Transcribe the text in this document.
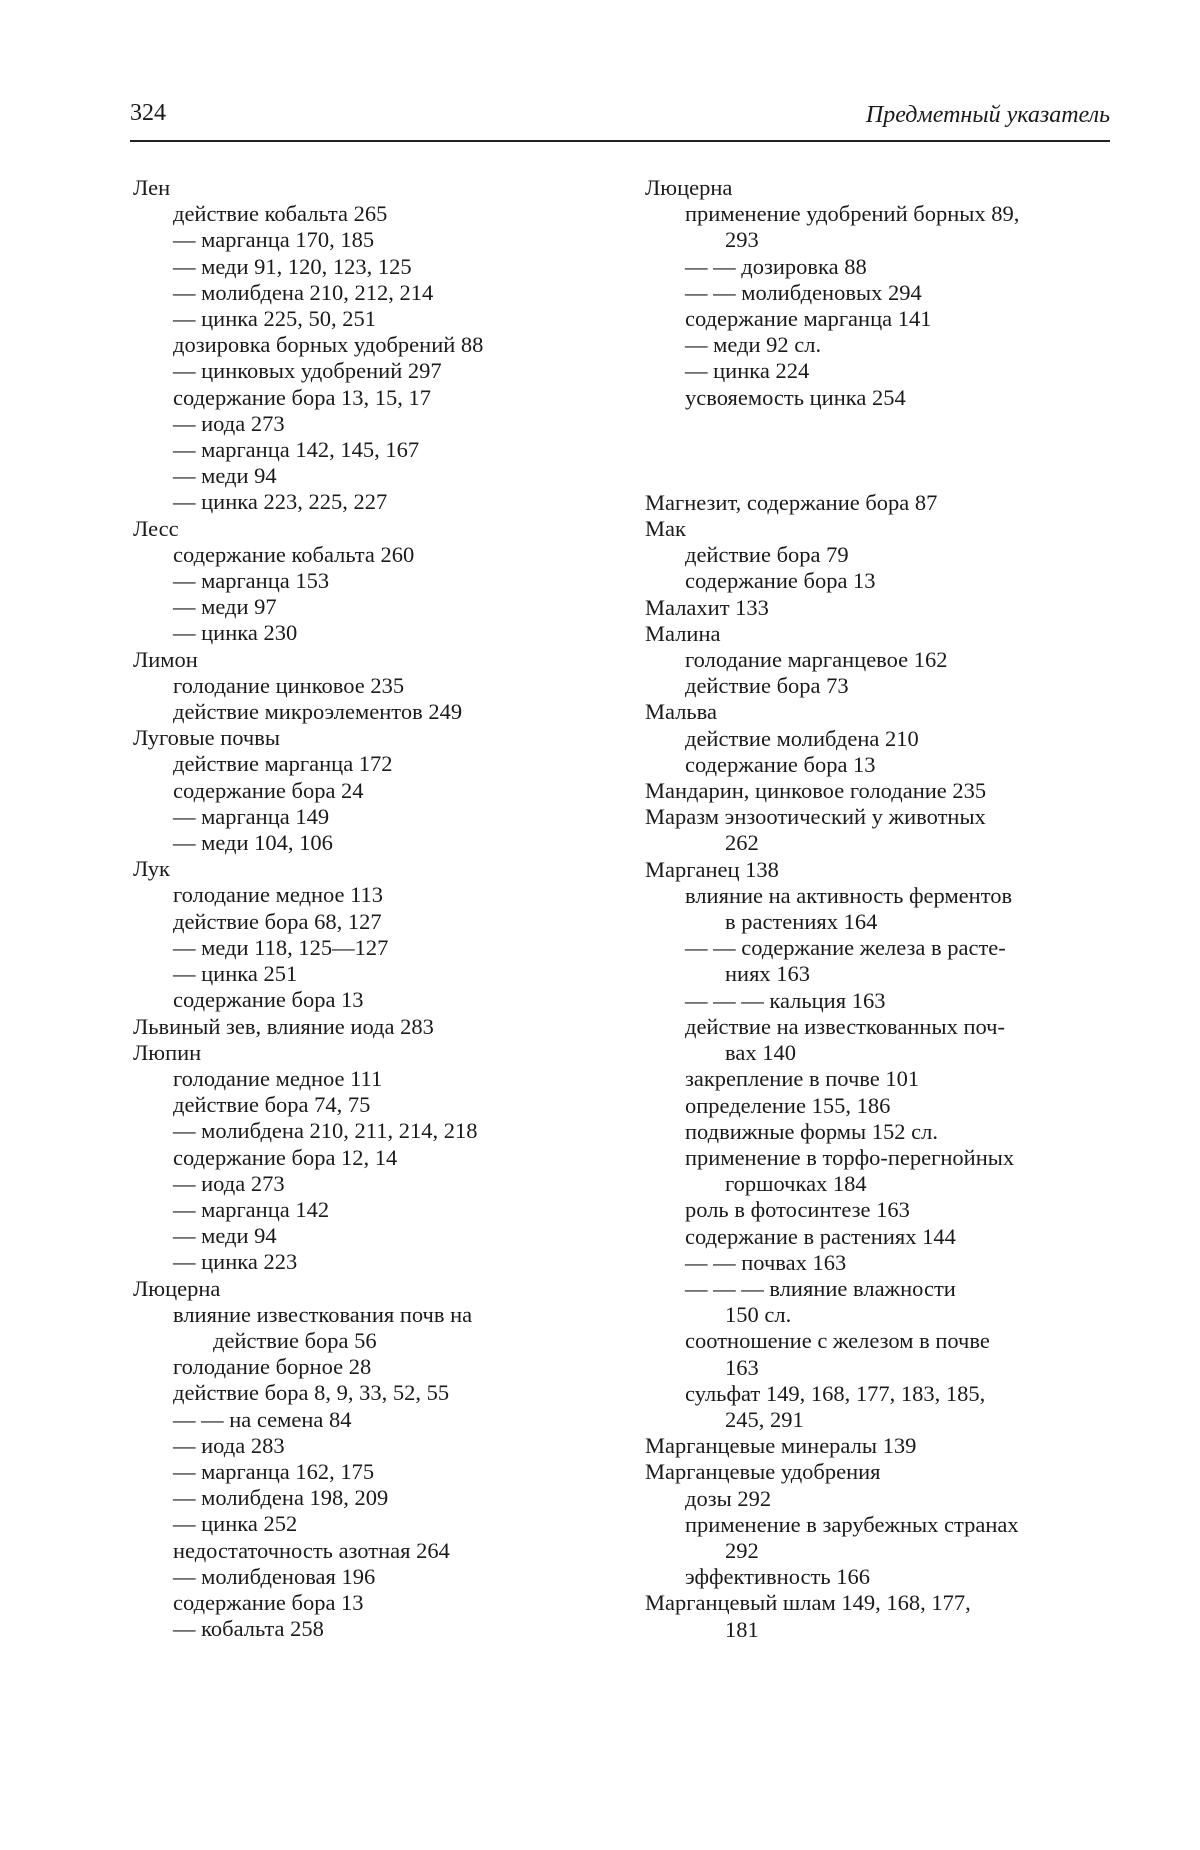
324	Предметный указатель
Лен
действие кобальта 265
— марганца 170, 185
— меди 91, 120, 123, 125
— молибдена 210, 212, 214
— цинка 225, 50, 251
дозировка борных удобрений 88
— цинковых удобрений 297
содержание бора 13, 15, 17
— иода 273
— марганца 142, 145, 167
— меди 94
— цинка 223, 225, 227
Лесс
содержание кобальта 260
— марганца 153
— меди 97
— цинка 230
Лимон
голодание цинковое 235
действие микроэлементов 249
Луговые почвы
действие марганца 172
содержание бора 24
— марганца 149
— меди 104, 106
Лук
голодание медное 113
действие бора 68, 127
— меди 118, 125—127
— цинка 251
содержание бора 13
Львиный зев, влияние иода 283
Люпин
голодание медное 111
действие бора 74, 75
— молибдена 210, 211, 214, 218
содержание бора 12, 14
— иода 273
— марганца 142
— меди 94
— цинка 223
Люцерна
влияние известкования почв на
действие бора 56
голодание борное 28
действие бора 8, 9, 33, 52, 55
— — на семена 84
— иода 283
— марганца 162, 175
— молибдена 198, 209
— цинка 252
недостаточность азотная 264
— молибденовая 196
содержание бора 13
— кобальта 258
Люцерна
применение удобрений борных 89,
293
— — дозировка 88
— — молибденовых 294
содержание марганца 141
— меди 92 сл.
— цинка 224
усвояемость цинка 254
Магнезит, содержание бора 87
Мак
действие бора 79
содержание бора 13
Малахит 133
Малина
голодание марганцевое 162
действие бора 73
Мальва
действие молибдена 210
содержание бора 13
Мандарин, цинковое голодание 235
Маразм энзоотический у животных
262
Марганец 138
влияние на активность ферментов
в растениях 164
— — содержание железа в расте-
ниях 163
— — — кальция 163
действие на известкованных поч-
вах 140
закрепление в почве 101
определение 155, 186
подвижные формы 152 сл.
применение в торфо-перегнойных
горшочках 184
роль в фотосинтезе 163
содержание в растениях 144
— — почвах 163
— — — влияние влажности
150 сл.
соотношение с железом в почве
163
сульфат 149, 168, 177, 183, 185,
245, 291
Марганцевые минералы 139
Марганцевые удобрения
дозы 292
применение в зарубежных странах
292
эффективность 166
Марганцевый шлам 149, 168, 177,
181
